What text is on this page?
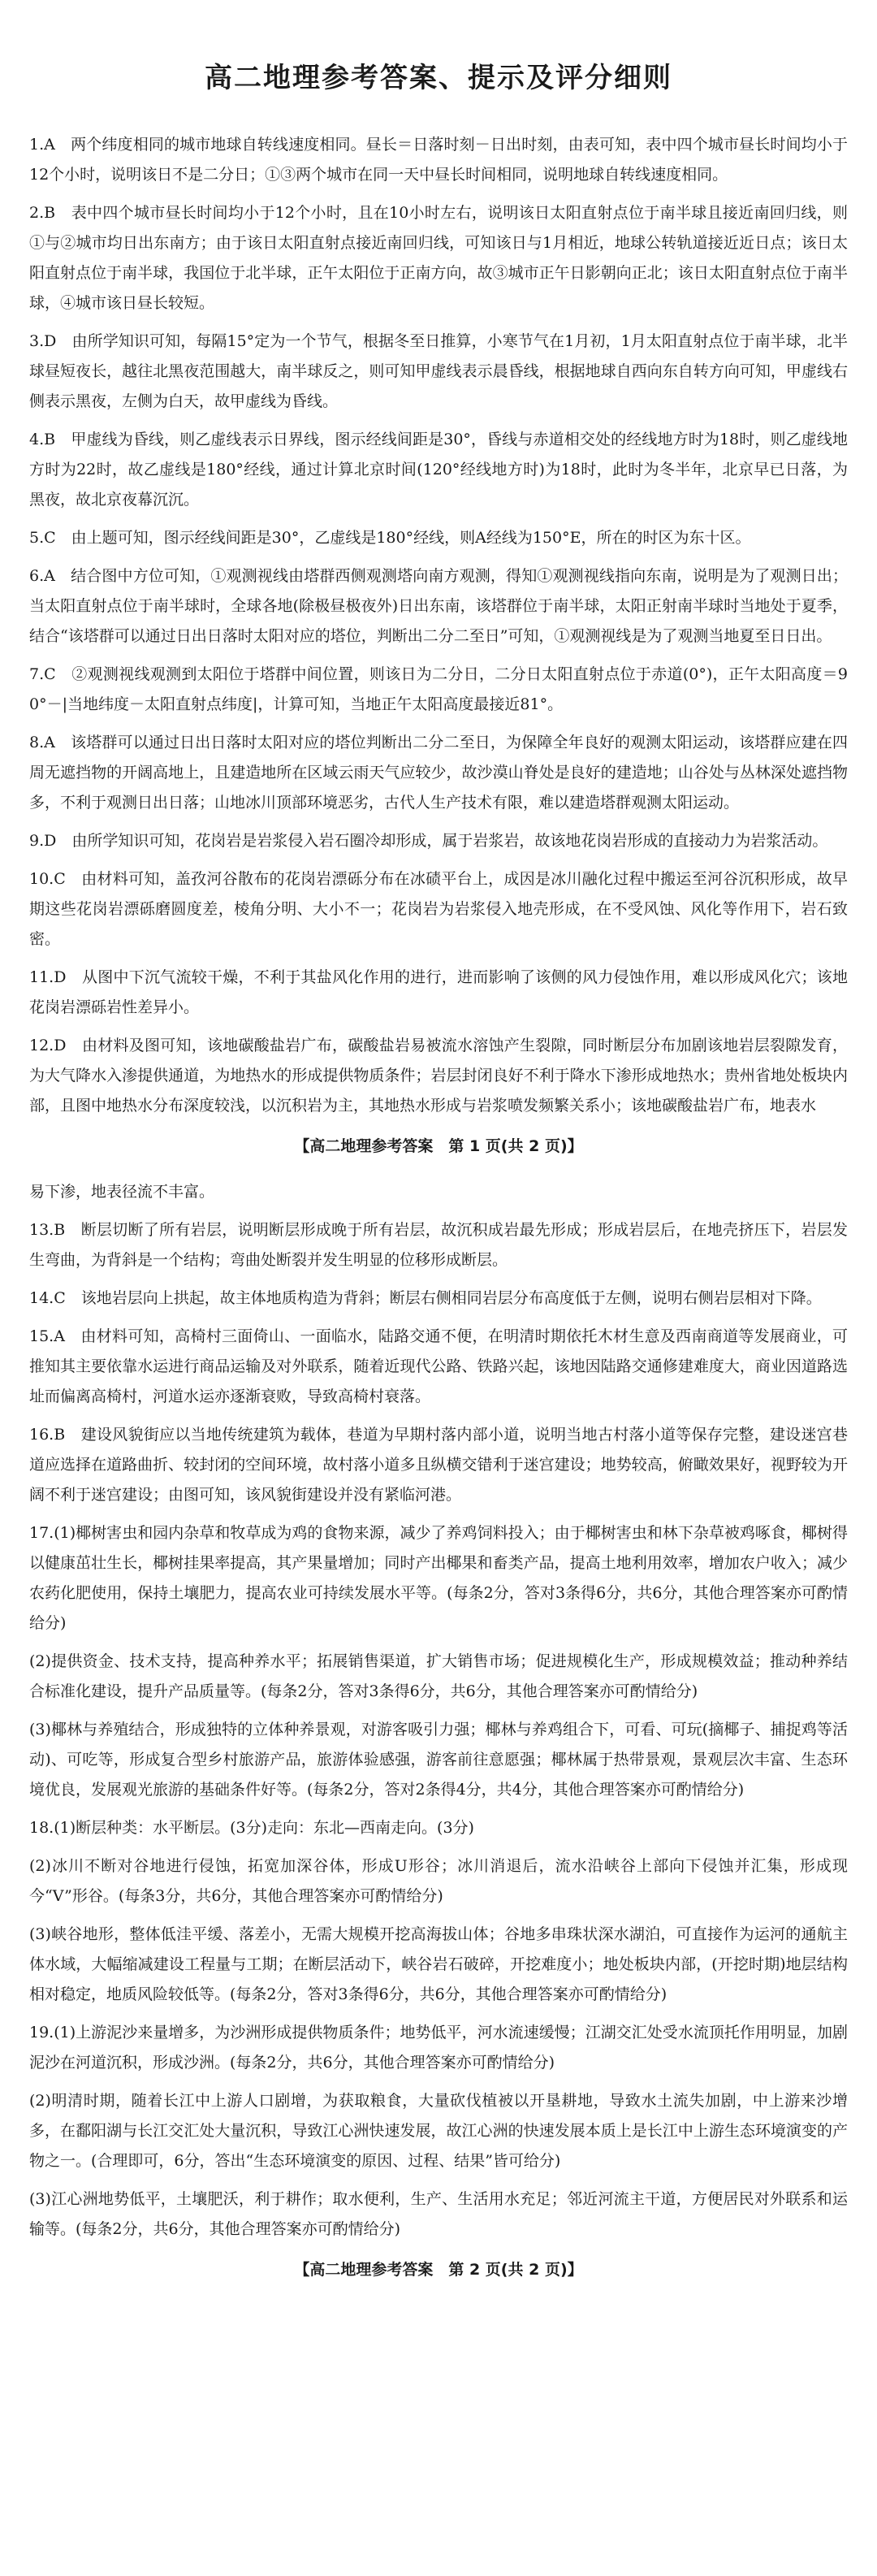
高二地理参考答案、提示及评分细则

1.A　两个纬度相同的城市地球自转线速度相同。昼长＝日落时刻－日出时刻，由表可知，表中四个城市昼长时间均小于12个小时，说明该日不是二分日；①③两个城市在同一天中昼长时间相同，说明地球自转线速度相同。

2.B　表中四个城市昼长时间均小于12个小时，且在10小时左右，说明该日太阳直射点位于南半球且接近南回归线，则①与②城市均日出东南方；由于该日太阳直射点接近南回归线，可知该日与1月相近，地球公转轨道接近近日点；该日太阳直射点位于南半球，我国位于北半球，正午太阳位于正南方向，故③城市正午日影朝向正北；该日太阳直射点位于南半球，④城市该日昼长较短。

3.D　由所学知识可知，每隔15°定为一个节气，根据冬至日推算，小寒节气在1月初，1月太阳直射点位于南半球，北半球昼短夜长，越往北黑夜范围越大，南半球反之，则可知甲虚线表示晨昏线，根据地球自西向东自转方向可知，甲虚线右侧表示黑夜，左侧为白天，故甲虚线为昏线。

4.B　甲虚线为昏线，则乙虚线表示日界线，图示经线间距是30°，昏线与赤道相交处的经线地方时为18时，则乙虚线地方时为22时，故乙虚线是180°经线，通过计算北京时间(120°经线地方时)为18时，此时为冬半年，北京早已日落，为黑夜，故北京夜幕沉沉。

5.C　由上题可知，图示经线间距是30°，乙虚线是180°经线，则A经线为150°E，所在的时区为东十区。

6.A　结合图中方位可知，①观测视线由塔群西侧观测塔向南方观测，得知①观测视线指向东南，说明是为了观测日出；当太阳直射点位于南半球时，全球各地(除极昼极夜外)日出东南，该塔群位于南半球，太阳正射南半球时当地处于夏季，结合“该塔群可以通过日出日落时太阳对应的塔位，判断出二分二至日”可知，①观测视线是为了观测当地夏至日日出。

7.C　②观测视线观测到太阳位于塔群中间位置，则该日为二分日，二分日太阳直射点位于赤道(0°)，正午太阳高度＝90°－|当地纬度－太阳直射点纬度|，计算可知，当地正午太阳高度最接近81°。

8.A　该塔群可以通过日出日落时太阳对应的塔位判断出二分二至日，为保障全年良好的观测太阳运动，该塔群应建在四周无遮挡物的开阔高地上，且建造地所在区域云雨天气应较少，故沙漠山脊处是良好的建造地；山谷处与丛林深处遮挡物多，不利于观测日出日落；山地冰川顶部环境恶劣，古代人生产技术有限，难以建造塔群观测太阳运动。

9.D　由所学知识可知，花岗岩是岩浆侵入岩石圈冷却形成，属于岩浆岩，故该地花岗岩形成的直接动力为岩浆活动。

10.C　由材料可知，盖孜河谷散布的花岗岩漂砾分布在冰碛平台上，成因是冰川融化过程中搬运至河谷沉积形成，故早期这些花岗岩漂砾磨圆度差，棱角分明、大小不一；花岗岩为岩浆侵入地壳形成，在不受风蚀、风化等作用下，岩石致密。

11.D　从图中下沉气流较干燥，不利于其盐风化作用的进行，进而影响了该侧的风力侵蚀作用，难以形成风化穴；该地花岗岩漂砾岩性差异小。

12.D　由材料及图可知，该地碳酸盐岩广布，碳酸盐岩易被流水溶蚀产生裂隙，同时断层分布加剧该地岩层裂隙发育，为大气降水入渗提供通道，为地热水的形成提供物质条件；岩层封闭良好不利于降水下渗形成地热水；贵州省地处板块内部，且图中地热水分布深度较浅，以沉积岩为主，其地热水形成与岩浆喷发频繁关系小；该地碳酸盐岩广布，地表水

【高二地理参考答案　第 1 页(共 2 页)】

易下渗，地表径流不丰富。

13.B　断层切断了所有岩层，说明断层形成晚于所有岩层，故沉积成岩最先形成；形成岩层后，在地壳挤压下，岩层发生弯曲，为背斜是一个结构；弯曲处断裂并发生明显的位移形成断层。

14.C　该地岩层向上拱起，故主体地质构造为背斜；断层右侧相同岩层分布高度低于左侧，说明右侧岩层相对下降。

15.A　由材料可知，高椅村三面倚山、一面临水，陆路交通不便，在明清时期依托木材生意及西南商道等发展商业，可推知其主要依靠水运进行商品运输及对外联系，随着近现代公路、铁路兴起，该地因陆路交通修建难度大，商业因道路选址而偏离高椅村，河道水运亦逐渐衰败，导致高椅村衰落。

16.B　建设风貌街应以当地传统建筑为载体，巷道为早期村落内部小道，说明当地古村落小道等保存完整，建设迷宫巷道应选择在道路曲折、较封闭的空间环境，故村落小道多且纵横交错利于迷宫建设；地势较高，俯瞰效果好，视野较为开阔不利于迷宫建设；由图可知，该风貌街建设并没有紧临河港。

17.(1)椰树害虫和园内杂草和牧草成为鸡的食物来源，减少了养鸡饲料投入；由于椰树害虫和林下杂草被鸡啄食，椰树得以健康茁壮生长，椰树挂果率提高，其产果量增加；同时产出椰果和畜类产品，提高土地利用效率，增加农户收入；减少农药化肥使用，保持土壤肥力，提高农业可持续发展水平等。(每条2分，答对3条得6分，共6分，其他合理答案亦可酌情给分)

(2)提供资金、技术支持，提高种养水平；拓展销售渠道，扩大销售市场；促进规模化生产，形成规模效益；推动种养结合标准化建设，提升产品质量等。(每条2分，答对3条得6分，共6分，其他合理答案亦可酌情给分)

(3)椰林与养殖结合，形成独特的立体种养景观，对游客吸引力强；椰林与养鸡组合下，可看、可玩(摘椰子、捕捉鸡等活动)、可吃等，形成复合型乡村旅游产品，旅游体验感强，游客前往意愿强；椰林属于热带景观，景观层次丰富、生态环境优良，发展观光旅游的基础条件好等。(每条2分，答对2条得4分，共4分，其他合理答案亦可酌情给分)

18.(1)断层种类：水平断层。(3分)走向：东北—西南走向。(3分)

(2)冰川不断对谷地进行侵蚀，拓宽加深谷体，形成U形谷；冰川消退后，流水沿峡谷上部向下侵蚀并汇集，形成现今“V”形谷。(每条3分，共6分，其他合理答案亦可酌情给分)

(3)峡谷地形，整体低洼平缓、落差小，无需大规模开挖高海拔山体；谷地多串珠状深水湖泊，可直接作为运河的通航主体水域，大幅缩减建设工程量与工期；在断层活动下，峡谷岩石破碎，开挖难度小；地处板块内部，(开挖时期)地层结构相对稳定，地质风险较低等。(每条2分，答对3条得6分，共6分，其他合理答案亦可酌情给分)

19.(1)上游泥沙来量增多，为沙洲形成提供物质条件；地势低平，河水流速缓慢；江湖交汇处受水流顶托作用明显，加剧泥沙在河道沉积，形成沙洲。(每条2分，共6分，其他合理答案亦可酌情给分)

(2)明清时期，随着长江中上游人口剧增，为获取粮食，大量砍伐植被以开垦耕地，导致水土流失加剧，中上游来沙增多，在鄱阳湖与长江交汇处大量沉积，导致江心洲快速发展，故江心洲的快速发展本质上是长江中上游生态环境演变的产物之一。(合理即可，6分，答出“生态环境演变的原因、过程、结果”皆可给分)

(3)江心洲地势低平，土壤肥沃，利于耕作；取水便利，生产、生活用水充足；邻近河流主干道，方便居民对外联系和运输等。(每条2分，共6分，其他合理答案亦可酌情给分)

【高二地理参考答案　第 2 页(共 2 页)】
